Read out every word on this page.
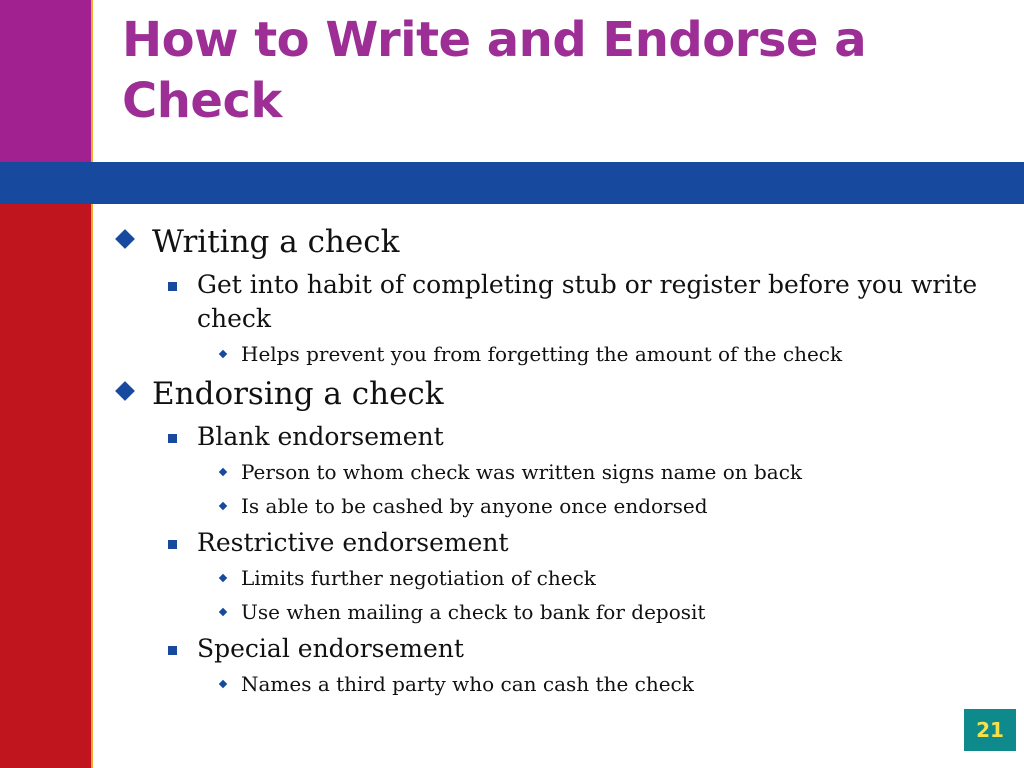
How to Write and Endorse a Check
Writing a check
Get into habit of completing stub or register before you write check
Helps prevent you from forgetting the amount of the check
Endorsing a check
Blank endorsement
Person to whom check was written signs name on back
Is able to be cashed by anyone once endorsed
Restrictive endorsement
Limits further negotiation of check
Use when mailing a check to bank for deposit
Special endorsement
Names a third party who can cash the check
21
